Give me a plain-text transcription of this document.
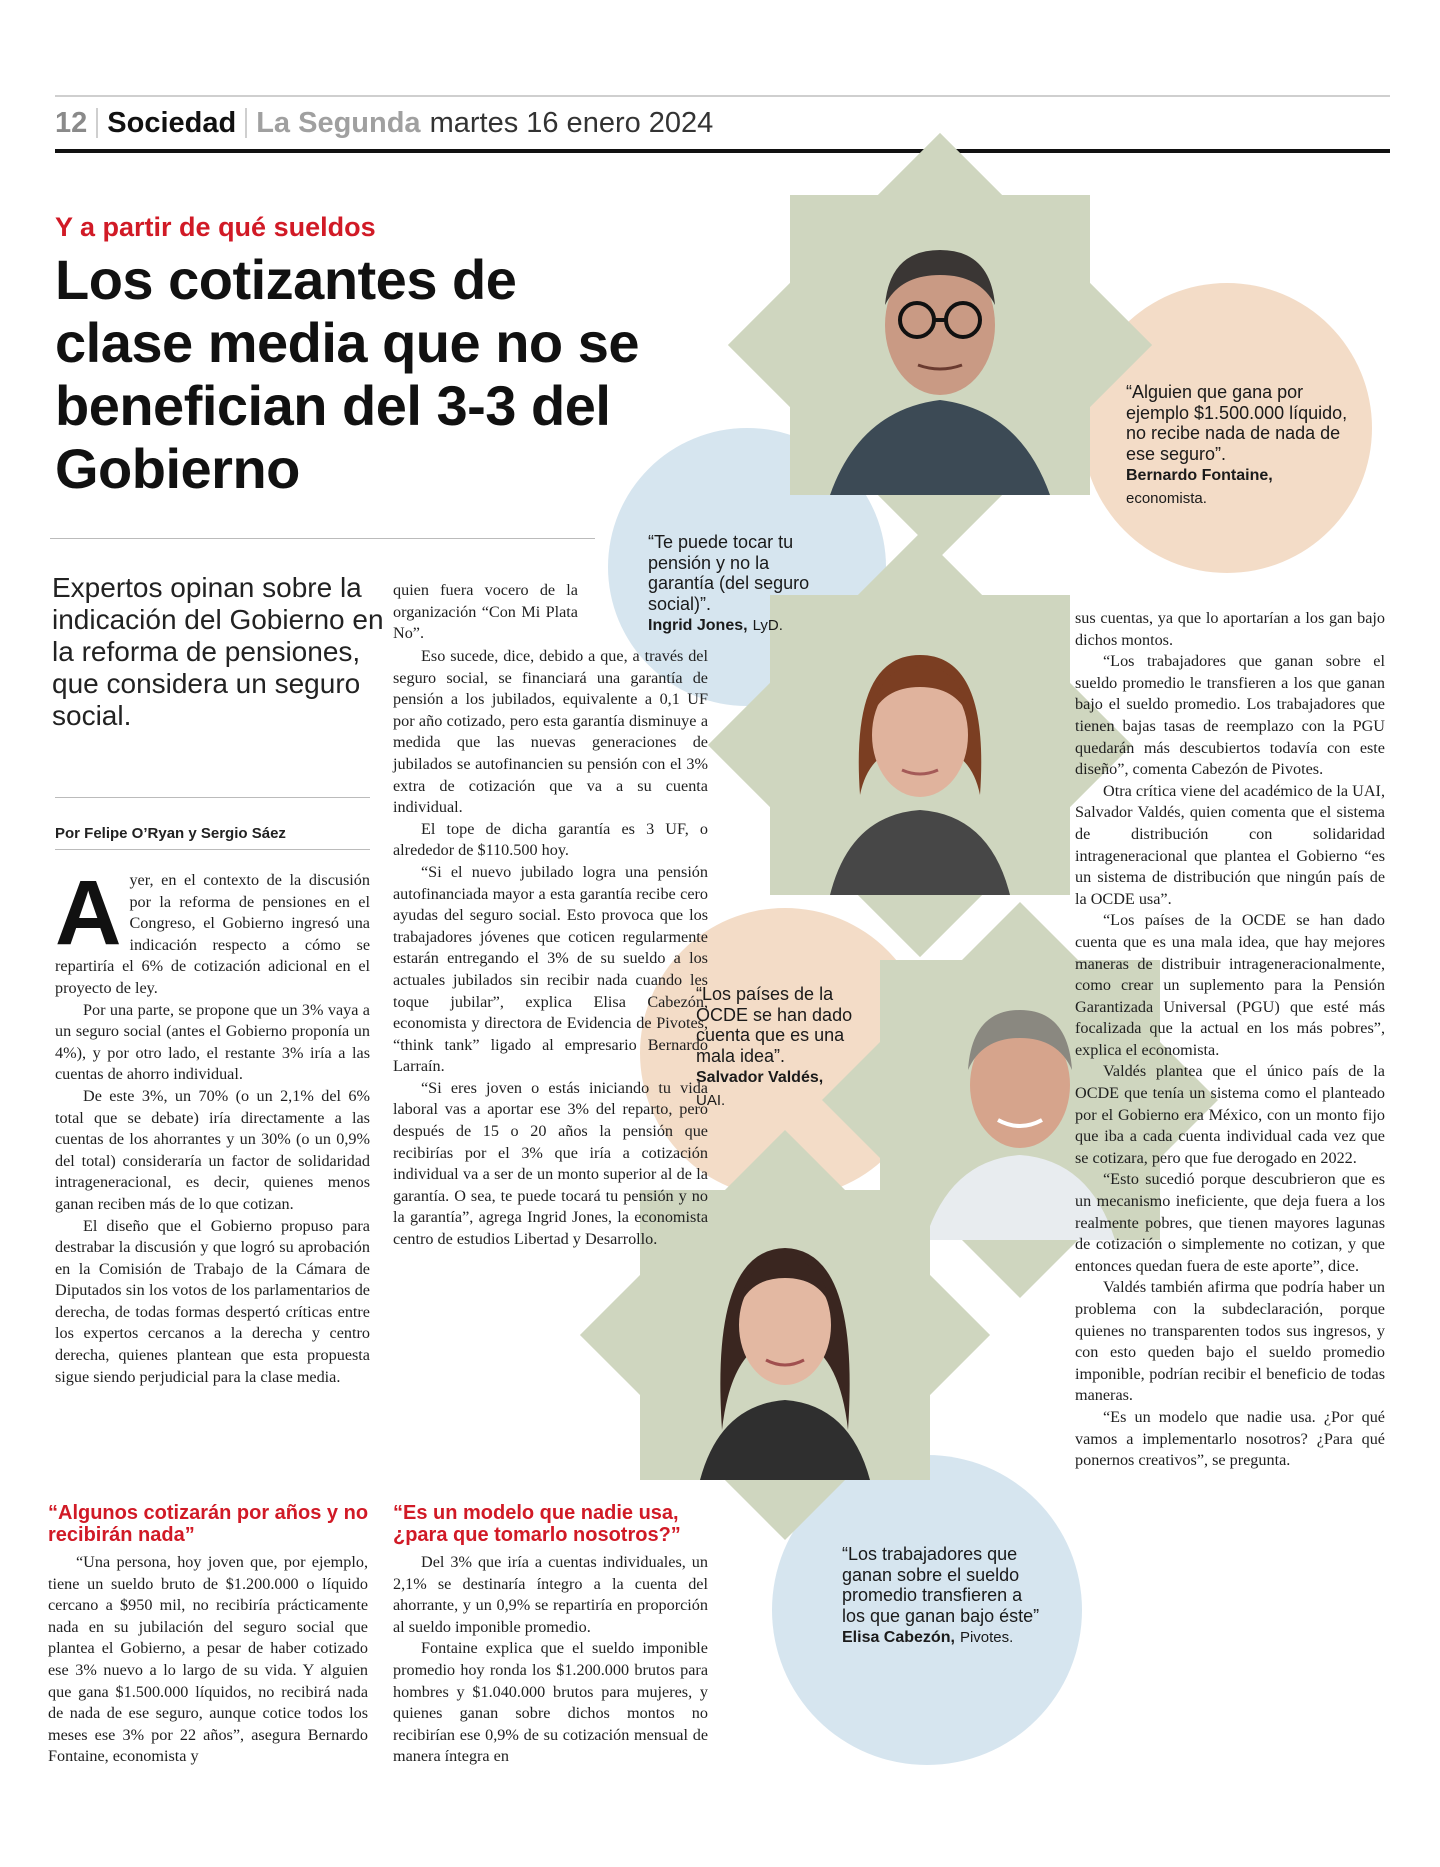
12 Sociedad La Segunda martes 16 enero 2024
“Alguien que gana por ejemplo $1.500.000 líquido, no recibe nada de nada de ese seguro”.
Bernardo Fontaine,
economista.
“Te puede tocar tu pensión y no la garantía (del seguro social)”.
Ingrid Jones, LyD.
“Los países de la OCDE se han dado cuenta que es una mala idea”.
Salvador Valdés,
UAI.
“Los trabajadores que ganan sobre el sueldo promedio transfieren a los que ganan bajo éste”
Elisa Cabezón, Pivotes.
Y a partir de qué sueldos
Los cotizantes de clase media que no se benefician del 3-3 del Gobierno

Expertos opinan sobre la indicación del Gobierno en la reforma de pensiones, que considera un seguro social.

Por Felipe O’Ryan y Sergio Sáez

Ayer, en el contexto de la discusión por la reforma de pensiones en el Congreso, el Gobierno ingresó una indicación respecto a cómo se repartiría el 6% de cotización adicional en el proyecto de ley.

Por una parte, se propone que un 3% vaya a un seguro social (antes el Gobierno proponía un 4%), y por otro lado, el restante 3% iría a las cuentas de ahorro individual.

De este 3%, un 70% (o un 2,1% del 6% total que se debate) iría directamente a las cuentas de los ahorrantes y un 30% (o un 0,9% del total) consideraría un factor de solidaridad intrageneracional, es decir, quienes menos ganan reciben más de lo que cotizan.

El diseño que el Gobierno propuso para destrabar la discusión y que logró su aprobación en la Comisión de Trabajo de la Cámara de Diputados sin los votos de los parlamentarios de derecha, de todas formas despertó críticas entre los expertos cercanos a la derecha y centro derecha, quienes plantean que esta propuesta sigue siendo perjudicial para la clase media.

“Algunos cotizarán por años y no recibirán nada”

“Una persona, hoy joven que, por ejemplo, tiene un sueldo bruto de $1.200.000 o líquido cercano a $950 mil, no recibiría prácticamente nada en su jubilación del seguro social que plantea el Gobierno, a pesar de haber cotizado ese 3% nuevo a lo largo de su vida. Y alguien que gana $1.500.000 líquidos, no recibirá nada de nada de ese seguro, aunque cotice todos los meses ese 3% por 22 años”, asegura Bernardo Fontaine, economista y

quien fuera vocero de la organización “Con Mi Plata No”.

Eso sucede, dice, debido a que, a través del seguro social, se financiará una garantía de pensión a los jubilados, equivalente a 0,1 UF por año cotizado, pero esta garantía disminuye a medida que las nuevas generaciones de jubilados se autofinancien su pensión con el 3% extra de cotización que va a su cuenta individual.

El tope de dicha garantía es 3 UF, o alrededor de $110.500 hoy.

“Si el nuevo jubilado logra una pensión autofinanciada mayor a esta garantía recibe cero ayudas del seguro social. Esto provoca que los trabajadores jóvenes que coticen regularmente estarán entregando el 3% de su sueldo a los actuales jubilados sin recibir nada cuando les toque jubilar”, explica Elisa Cabezón, economista y directora de Evidencia de Pivotes, “think tank” ligado al empresario Bernardo Larraín.

“Si eres joven o estás iniciando tu vida laboral vas a aportar ese 3% del reparto, pero después de 15 o 20 años la pensión que recibirías por el 3% que iría a cotización individual va a ser de un monto superior al de la garantía. O sea, te puede tocará tu pensión y no la garantía”, agrega Ingrid Jones, la economista centro de estudios Libertad y Desarrollo.

“Es un modelo que nadie usa, ¿para que tomarlo nosotros?”

Del 3% que iría a cuentas individuales, un 2,1% se destinaría íntegro a la cuenta del ahorrante, y un 0,9% se repartiría en proporción al sueldo imponible promedio.

Fontaine explica que el sueldo imponible promedio hoy ronda los $1.200.000 brutos para hombres y $1.040.000 brutos para mujeres, y quienes ganan sobre dichos montos no recibirían ese 0,9% de su cotización mensual de manera íntegra en

sus cuentas, ya que lo aportarían a los gan bajo dichos montos.

“Los trabajadores que ganan sobre el sueldo promedio le transfieren a los que ganan bajo el sueldo promedio. Los trabajadores que tienen bajas tasas de reemplazo con la PGU quedarán más descubiertos todavía con este diseño”, comenta Cabezón de Pivotes.

Otra crítica viene del académico de la UAI, Salvador Valdés, quien comenta que el sistema de distribución con solidaridad intrageneracional que plantea el Gobierno “es un sistema de distribución que ningún país de la OCDE usa”.

“Los países de la OCDE se han dado cuenta que es una mala idea, que hay mejores maneras de distribuir intrageneracionalmente, como crear un suplemento para la Pensión Garantizada Universal (PGU) que esté más focalizada que la actual en los más pobres”, explica el economista.

Valdés plantea que el único país de la OCDE que tenía un sistema como el planteado por el Gobierno era México, con un monto fijo que iba a cada cuenta individual cada vez que se cotizara, pero que fue derogado en 2022.

“Esto sucedió porque descubrieron que es un mecanismo ineficiente, que deja fuera a los realmente pobres, que tienen mayores lagunas de cotización o simplemente no cotizan, y que entonces quedan fuera de este aporte”, dice.

Valdés también afirma que podría haber un problema con la subdeclaración, porque quienes no transparenten todos sus ingresos, y con esto queden bajo el sueldo promedio imponible, podrían recibir el beneficio de todas maneras.

“Es un modelo que nadie usa. ¿Por qué vamos a implementarlo nosotros? ¿Para qué ponernos creativos”, se pregunta.
